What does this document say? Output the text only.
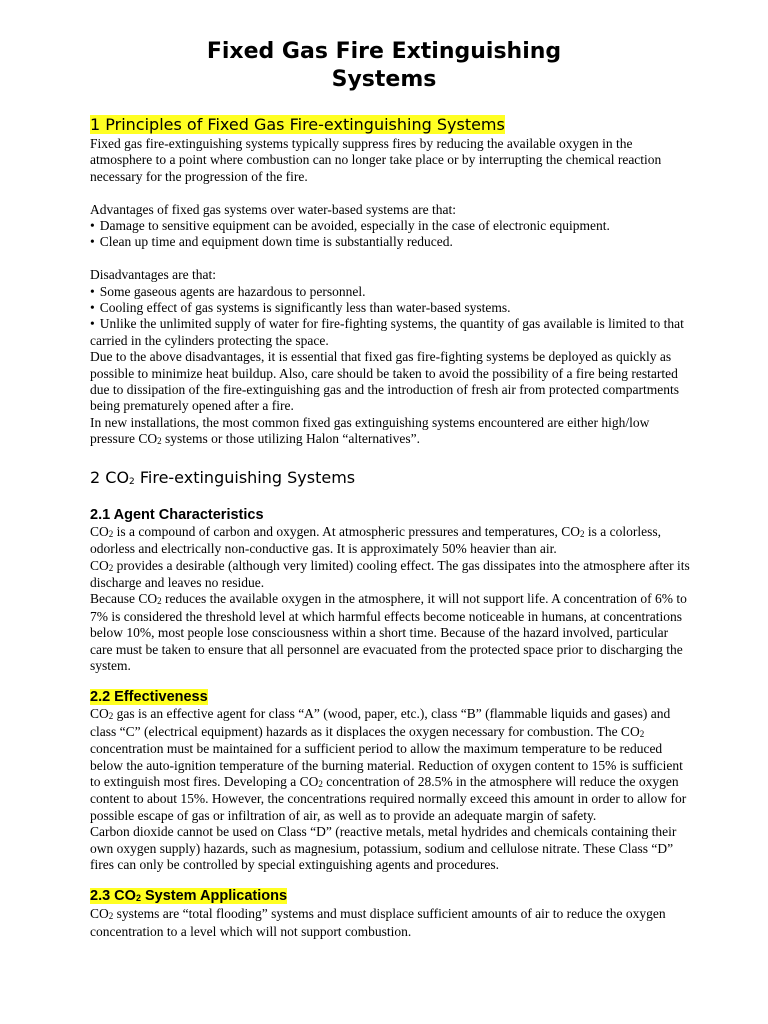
Fixed Gas Fire Extinguishing
Systems
1 Principles of Fixed Gas Fire-extinguishing Systems

Fixed gas fire-extinguishing systems typically suppress fires by reducing the available oxygen in the atmosphere to a point where combustion can no longer take place or by interrupting the chemical reaction necessary for the progression of the fire.

Advantages of fixed gas systems over water-based systems are that:

• Damage to sensitive equipment can be avoided, especially in the case of electronic equipment.
• Clean up time and equipment down time is substantially reduced.

Disadvantages are that:

• Some gaseous agents are hazardous to personnel.
• Cooling effect of gas systems is significantly less than water-based systems.
• Unlike the unlimited supply of water for fire-fighting systems, the quantity of gas available is limited to that carried in the cylinders protecting the space.

Due to the above disadvantages, it is essential that fixed gas fire-fighting systems be deployed as quickly as possible to minimize heat buildup. Also, care should be taken to avoid the possibility of a fire being restarted due to dissipation of the fire-extinguishing gas and the introduction of fresh air from protected compartments being prematurely opened after a fire.

In new installations, the most common fixed gas extinguishing systems encountered are either high/low pressure $CO_2$ systems or those utilizing Halon “alternatives”.

2 $CO_2$ Fire-extinguishing Systems
2.1 Agent Characteristics

$CO_2$ is a compound of carbon and oxygen. At atmospheric pressures and temperatures, $CO_2$ is a colorless, odorless and electrically non-conductive gas. It is approximately 50% heavier than air.

$CO_2$ provides a desirable (although very limited) cooling effect. The gas dissipates into the atmosphere after its discharge and leaves no residue.

Because $CO_2$ reduces the available oxygen in the atmosphere, it will not support life. A concentration of 6% to 7% is considered the threshold level at which harmful effects become noticeable in humans, at concentrations below 10%, most people lose consciousness within a short time. Because of the hazard involved, particular care must be taken to ensure that all personnel are evacuated from the protected space prior to discharging the system.

2.2 Effectiveness

$CO_2$ gas is an effective agent for class “A” (wood, paper, etc.), class “B” (flammable liquids and gases) and class “C” (electrical equipment) hazards as it displaces the oxygen necessary for combustion. The $CO_2$ concentration must be maintained for a sufficient period to allow the maximum temperature to be reduced below the auto-ignition temperature of the burning material. Reduction of oxygen content to 15% is sufficient to extinguish most fires. Developing a $CO_2$ concentration of 28.5% in the atmosphere will reduce the oxygen content to about 15%. However, the concentrations required normally exceed this amount in order to allow for possible escape of gas or infiltration of air, as well as to provide an adequate margin of safety.

Carbon dioxide cannot be used on Class “D” (reactive metals, metal hydrides and chemicals containing their own oxygen supply) hazards, such as magnesium, potassium, sodium and cellulose nitrate. These Class “D” fires can only be controlled by special extinguishing agents and procedures.

2.3 $CO_2$ System Applications

$CO_2$ systems are “total flooding” systems and must displace sufficient amounts of air to reduce the oxygen concentration to a level which will not support combustion.
